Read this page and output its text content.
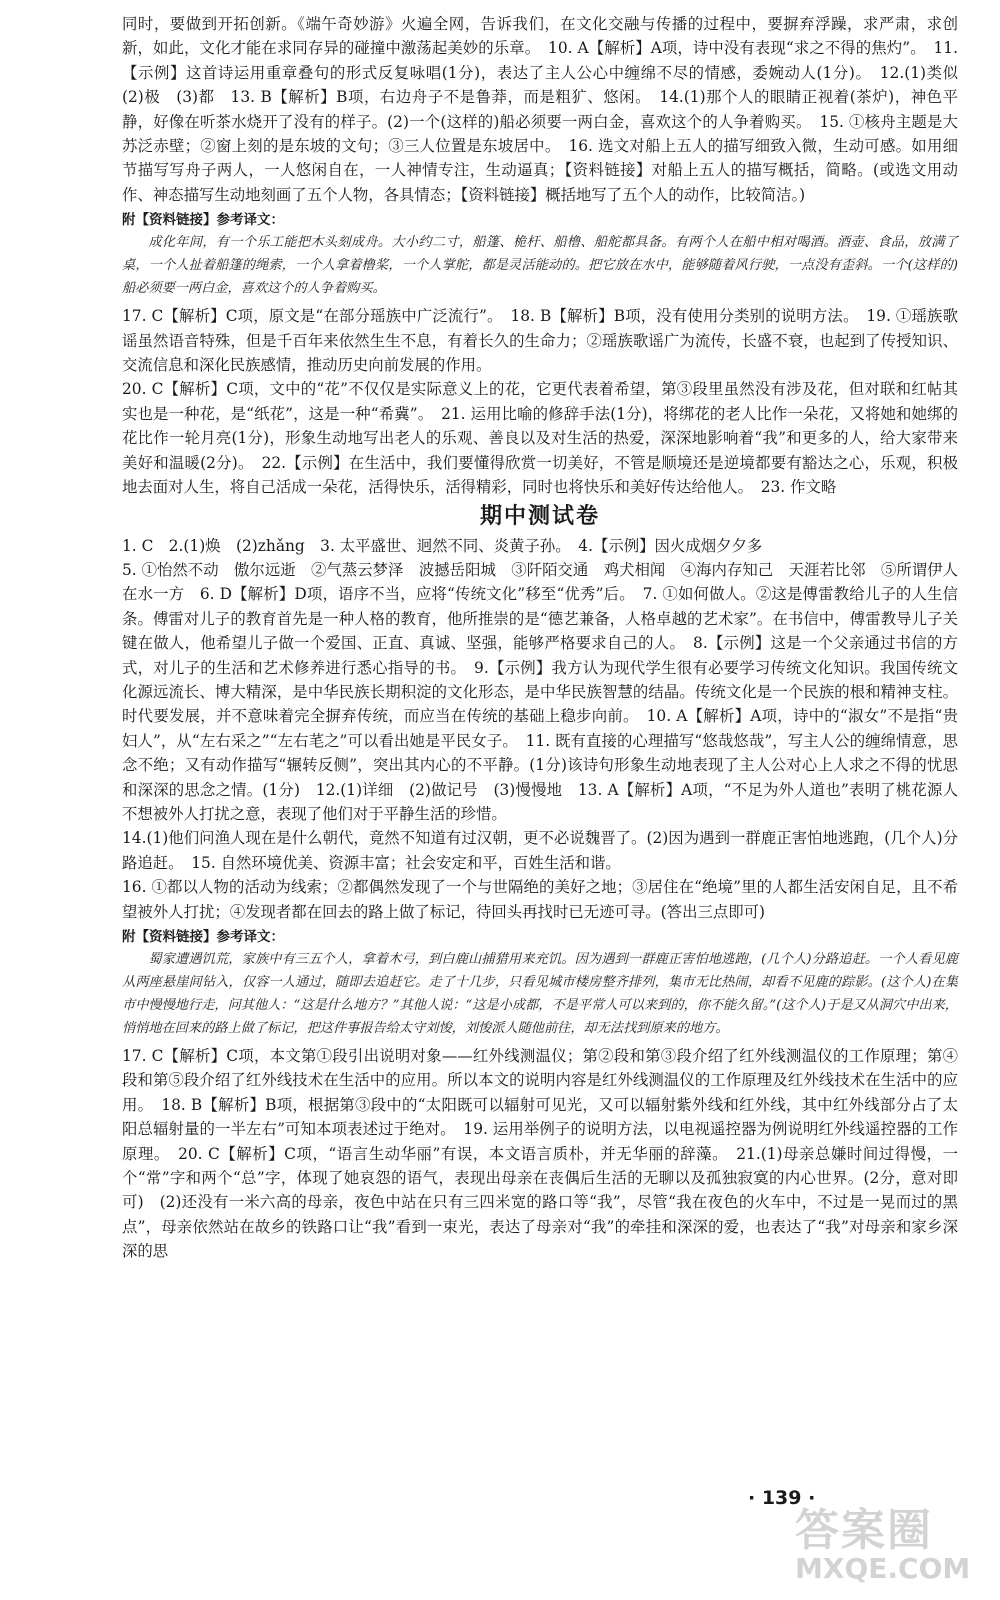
同时，要做到开拓创新。《端午奇妙游》火遍全网，告诉我们，在文化交融与传播的过程中，要摒弃浮躁，求严肃，求创新，如此，文化才能在求同存异的碰撞中激荡起美妙的乐章。　10. A【解析】A项，诗中没有表现“求之不得的焦灼”。　11.【示例】这首诗运用重章叠句的形式反复咏唱(1分)，表达了主人公心中缠绵不尽的情感，委婉动人(1分)。　12.(1)类似　(2)极　(3)都　13. B【解析】B项，右边舟子不是鲁莽，而是粗犷、悠闲。　14.(1)那个人的眼睛正视着(茶炉)，神色平静，好像在听茶水烧开了没有的样子。(2)一个(这样的)船必须要一两白金，喜欢这个的人争着购买。　15. ①核舟主题是大苏泛赤壁；②窗上刻的是东坡的文句；③三人位置是东坡居中。　16. 选文对船上五人的描写细致入微，生动可感。如用细节描写写舟子两人，一人悠闲自在，一人神情专注，生动逼真；【资料链接】对船上五人的描写概括，简略。(或选文用动作、神态描写生动地刻画了五个人物，各具情态；【资料链接】概括地写了五个人的动作，比较简洁。)

附【资料链接】参考译文：

成化年间，有一个乐工能把木头刻成舟。大小约二寸，船篷、桅杆、船橹、船舵都具备。有两个人在船中相对喝酒。酒壶、食品，放满了桌，一个人扯着船篷的绳索，一个人拿着橹桨，一个人掌舵，都是灵活能动的。把它放在水中，能够随着风行驶，一点没有歪斜。一个(这样的)船必须要一两白金，喜欢这个的人争着购买。

17. C【解析】C项，原文是“在部分瑶族中广泛流行”。　18. B【解析】B项，没有使用分类别的说明方法。　19. ①瑶族歌谣虽然语音特殊，但是千百年来依然生生不息，有着长久的生命力；②瑶族歌谣广为流传，长盛不衰，也起到了传授知识、交流信息和深化民族感情，推动历史向前发展的作用。

20. C【解析】C项，文中的“花”不仅仅是实际意义上的花，它更代表着希望，第③段里虽然没有涉及花，但对联和红帖其实也是一种花，是“纸花”，这是一种“希冀”。　21. 运用比喻的修辞手法(1分)，将绑花的老人比作一朵花，又将她和她绑的花比作一轮月亮(1分)，形象生动地写出老人的乐观、善良以及对生活的热爱，深深地影响着“我”和更多的人，给大家带来美好和温暖(2分)。　22.【示例】在生活中，我们要懂得欣赏一切美好，不管是顺境还是逆境都要有豁达之心，乐观，积极地去面对人生，将自己活成一朵花，活得快乐，活得精彩，同时也将快乐和美好传达给他人。　23. 作文略

期中测试卷

1. C　2.(1)焕　(2)zhǎng　3. 太平盛世、迥然不同、炎黄子孙。　4.【示例】因火成烟夕夕多

5. ①怡然不动　傲尔远逝　②气蒸云梦泽　波撼岳阳城　③阡陌交通　鸡犬相闻　④海内存知己　天涯若比邻　⑤所谓伊人　在水一方　6. D【解析】D项，语序不当，应将“传统文化”移至“优秀”后。　7. ①如何做人。②这是傅雷教给儿子的人生信条。傅雷对儿子的教育首先是一种人格的教育，他所推崇的是“德艺兼备，人格卓越的艺术家”。在书信中，傅雷教导儿子关键在做人，他希望儿子做一个爱国、正直、真诚、坚强，能够严格要求自己的人。　8.【示例】这是一个父亲通过书信的方式，对儿子的生活和艺术修养进行悉心指导的书。　9.【示例】我方认为现代学生很有必要学习传统文化知识。我国传统文化源远流长、博大精深，是中华民族长期积淀的文化形态，是中华民族智慧的结晶。传统文化是一个民族的根和精神支柱。时代要发展，并不意味着完全摒弃传统，而应当在传统的基础上稳步向前。　10. A【解析】A项，诗中的“淑女”不是指“贵妇人”，从“左右采之”“左右芼之”可以看出她是平民女子。　11. 既有直接的心理描写“悠哉悠哉”，写主人公的缠绵情意，思念不绝；又有动作描写“辗转反侧”，突出其内心的不平静。(1分)该诗句形象生动地表现了主人公对心上人求之不得的忧思和深深的思念之情。(1分)　12.(1)详细　(2)做记号　(3)慢慢地　13. A【解析】A项，“不足为外人道也”表明了桃花源人不想被外人打扰之意，表现了他们对于平静生活的珍惜。

14.(1)他们问渔人现在是什么朝代，竟然不知道有过汉朝，更不必说魏晋了。(2)因为遇到一群鹿正害怕地逃跑，(几个人)分路追赶。　15. 自然环境优美、资源丰富；社会安定和平，百姓生活和谐。

16. ①都以人物的活动为线索；②都偶然发现了一个与世隔绝的美好之地；③居住在“绝境”里的人都生活安闲自足，且不希望被外人打扰；④发现者都在回去的路上做了标记，待回头再找时已无迹可寻。(答出三点即可)

附【资料链接】参考译文：

蜀家遭遇饥荒，家族中有三五个人，拿着木弓，到白鹿山捕猎用来充饥。因为遇到一群鹿正害怕地逃跑，(几个人)分路追赶。一个人看见鹿从两座悬崖间钻入，仅容一人通过，随即去追赶它。走了十几步，只看见城市楼房整齐排列，集市无比热闹，却看不见鹿的踪影。(这个人)在集市中慢慢地行走，问其他人：“这是什么地方？”其他人说：“这是小成都，不是平常人可以来到的，你不能久留。”(这个人)于是又从洞穴中出来，悄悄地在回来的路上做了标记，把这件事报告给太守刘悛，刘悛派人随他前往，却无法找到原来的地方。

17. C【解析】C项，本文第①段引出说明对象——红外线测温仪；第②段和第③段介绍了红外线测温仪的工作原理；第④段和第⑤段介绍了红外线技术在生活中的应用。所以本文的说明内容是红外线测温仪的工作原理及红外线技术在生活中的应用。　18. B【解析】B项，根据第③段中的“太阳既可以辐射可见光，又可以辐射紫外线和红外线，其中红外线部分占了太阳总辐射量的一半左右”可知本项表述过于绝对。　19. 运用举例子的说明方法，以电视遥控器为例说明红外线遥控器的工作原理。　20. C【解析】C项，“语言生动华丽”有误，本文语言质朴，并无华丽的辞藻。　21.(1)母亲总嫌时间过得慢，一个“常”字和两个“总”字，体现了她哀怨的语气，表现出母亲在丧偶后生活的无聊以及孤独寂寞的内心世界。(2分，意对即可)　(2)还没有一米六高的母亲，夜色中站在只有三四米宽的路口等“我”，尽管“我在夜色的火车中，不过是一晃而过的黑点”，母亲依然站在故乡的铁路口让“我”看到一束光，表达了母亲对“我”的牵挂和深深的爱，也表达了“我”对母亲和家乡深深的思

· 139 ·
答案圈
MXQE.COM
